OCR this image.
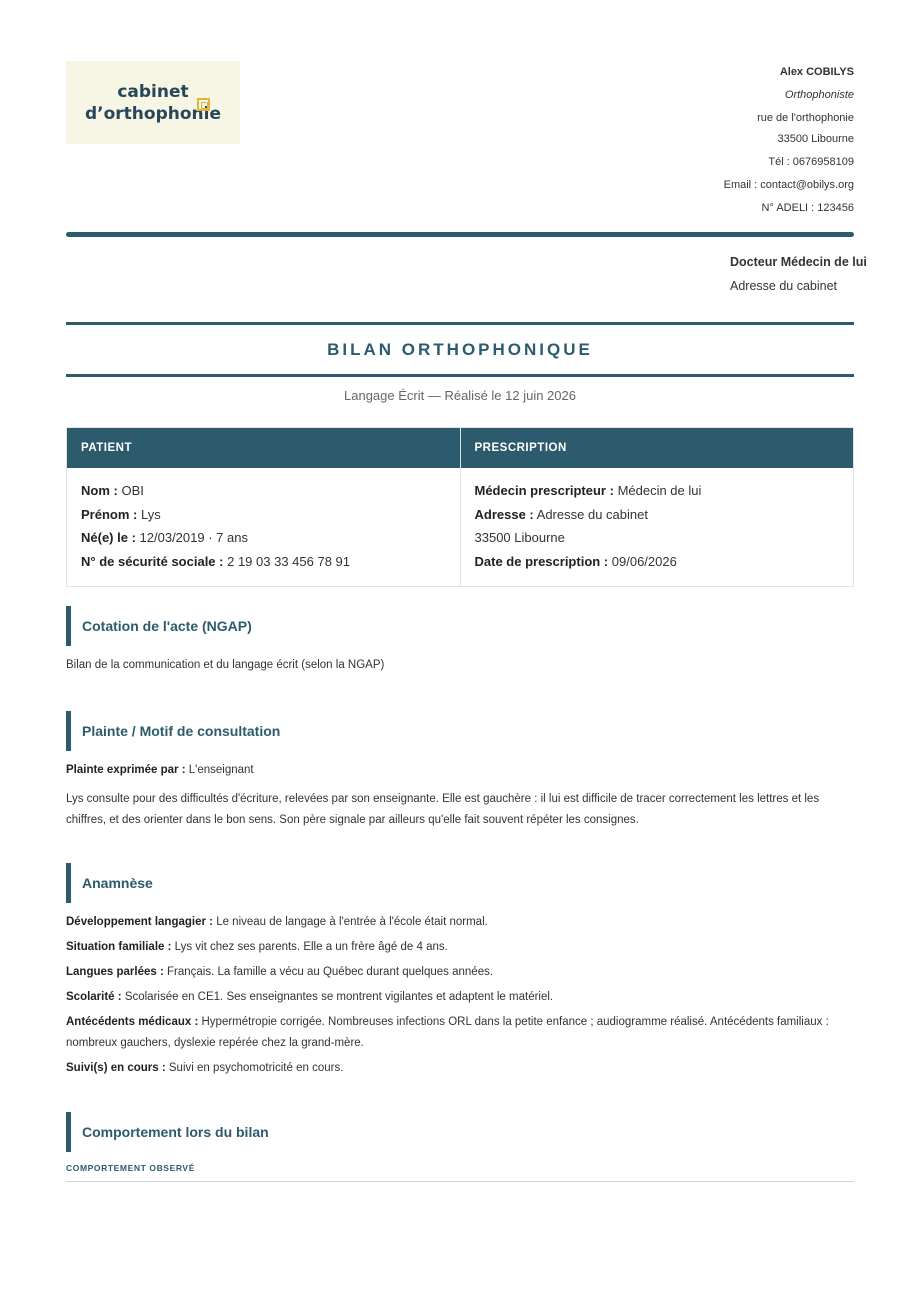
cabinet
d’orthophonie
Alex COBILYS
Orthophoniste
rue de l'orthophonie
33500 Libourne
Tél : 0676958109
Email : contact@obilys.org
N° ADELI : 123456
Docteur Médecin de lui
Adresse du cabinet
BILAN ORTHOPHONIQUE
Langage Écrit — Réalisé le 12 juin 2026
PATIENT	PRESCRIPTION
Nom : OBI
Prénom : Lys
Né(e) le : 12/03/2019 · 7 ans
N° de sécurité sociale : 2 19 03 33 456 78 91
Médecin prescripteur : Médecin de lui
Adresse : Adresse du cabinet
33500 Libourne
Date de prescription : 09/06/2026
Cotation de l'acte (NGAP)
Bilan de la communication et du langage écrit (selon la NGAP)
Plainte / Motif de consultation
Plainte exprimée par : L'enseignant
Lys consulte pour des difficultés d'écriture, relevées par son enseignante. Elle est gauchère : il lui est difficile de tracer correctement les lettres et les chiffres, et des orienter dans le bon sens. Son père signale par ailleurs qu'elle fait souvent répéter les consignes.
Anamnèse
Développement langagier : Le niveau de langage à l'entrée à l'école était normal.
Situation familiale : Lys vit chez ses parents. Elle a un frère âgé de 4 ans.
Langues parlées : Français. La famille a vécu au Québec durant quelques années.
Scolarité : Scolarisée en CE1. Ses enseignantes se montrent vigilantes et adaptent le matériel.
Antécédents médicaux : Hypermétropie corrigée. Nombreuses infections ORL dans la petite enfance ; audiogramme réalisé. Antécédents familiaux : nombreux gauchers, dyslexie repérée chez la grand-mère.
Suivi(s) en cours : Suivi en psychomotricité en cours.
Comportement lors du bilan
COMPORTEMENT OBSERVÉ
